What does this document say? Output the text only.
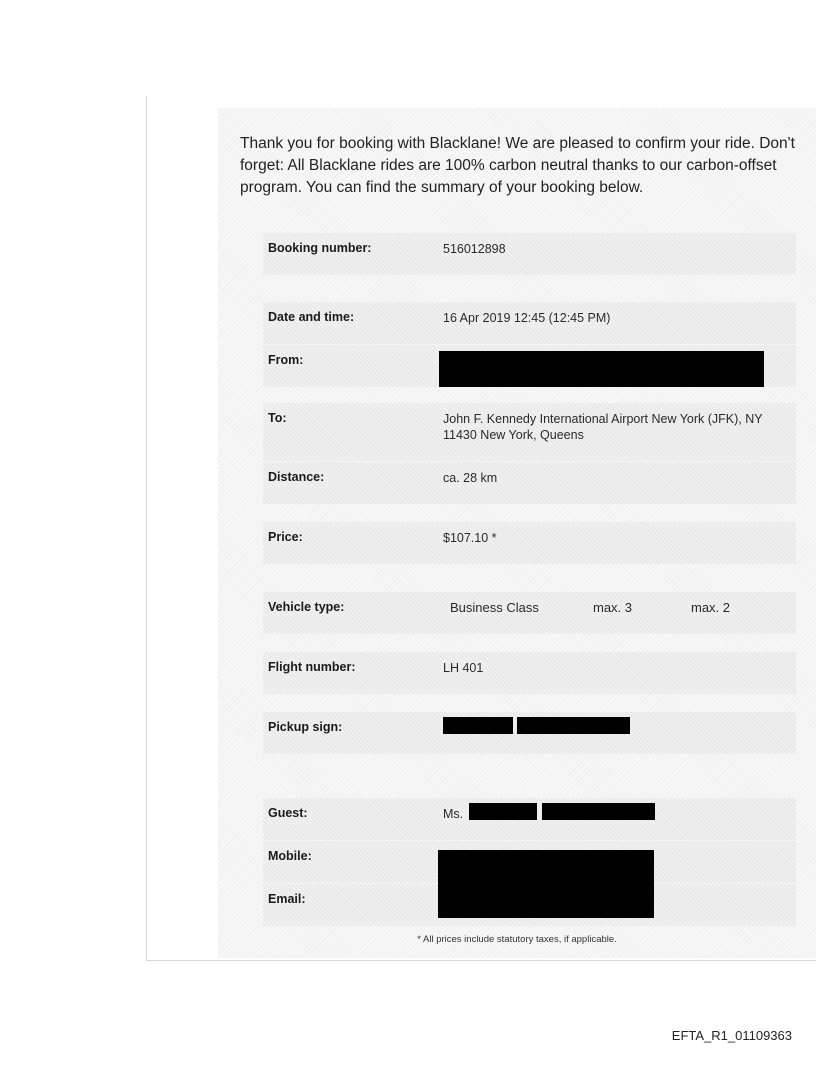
Thank you for booking with Blacklane! We are pleased to confirm your ride. Don't forget: All Blacklane rides are 100% carbon neutral thanks to our carbon-offset program. You can find the summary of your booking below.
Booking number:	516012898
Date and time:	16 Apr 2019 12:45 (12:45 PM)
From:
To:	John F. Kennedy International Airport New York (JFK), NY 11430 New York, Queens
Distance:	ca. 28 km
Price:	$107.10 *
Vehicle type:	Business Class	max. 3	max. 2
Flight number:	LH 401
Pickup sign:
Guest:	Ms.
Mobile:
Email:
* All prices include statutory taxes, if applicable.
EFTA_R1_01109363
